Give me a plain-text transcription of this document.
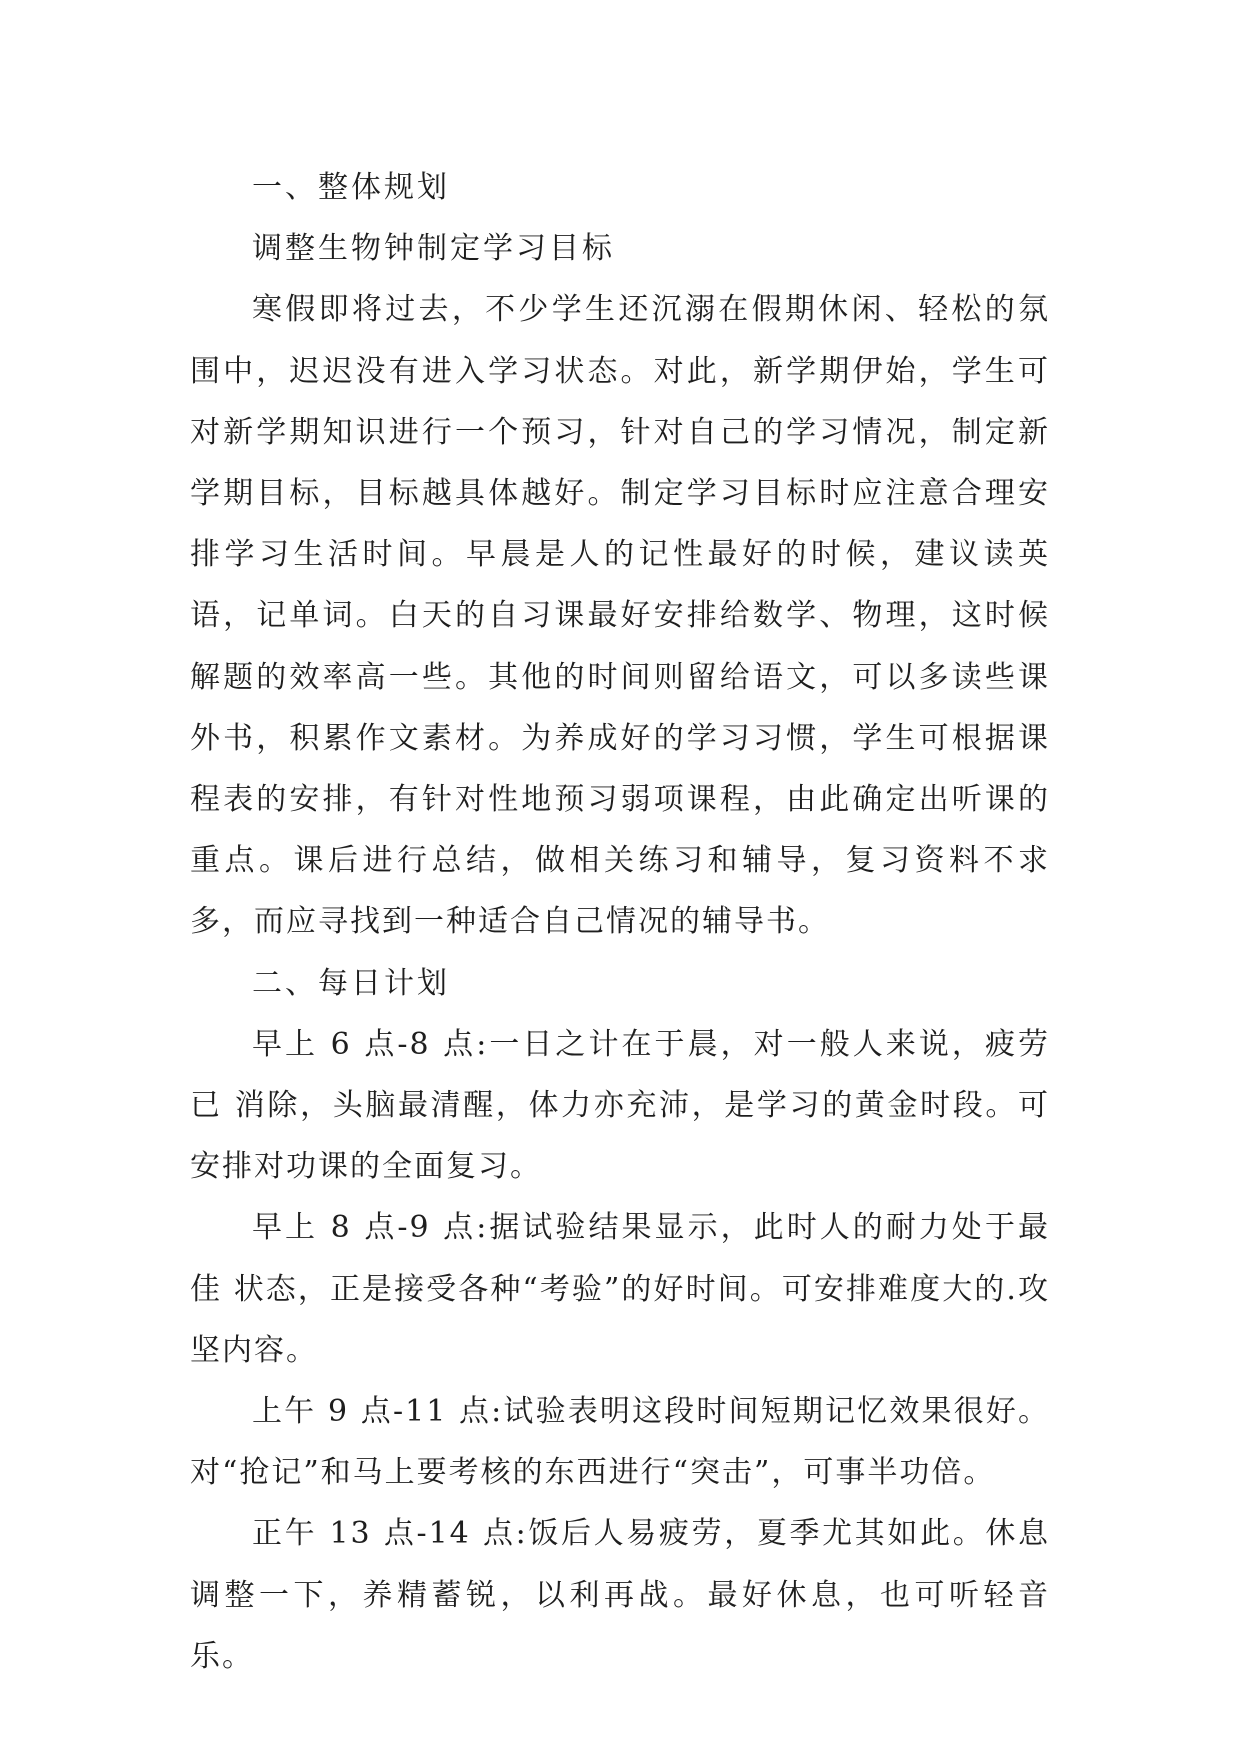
一、整体规划

调整生物钟制定学习目标

寒假即将过去，不少学生还沉溺在假期休闲、轻松的氛围中，迟迟没有进入学习状态。对此，新学期伊始，学生可对新学期知识进行一个预习，针对自己的学习情况，制定新学期目标，目标越具体越好。制定学习目标时应注意合理安排学习生活时间。早晨是人的记性最好的时候，建议读英语，记单词。白天的自习课最好安排给数学、物理，这时候解题的效率高一些。其他的时间则留给语文，可以多读些课外书，积累作文素材。为养成好的学习习惯，学生可根据课程表的安排，有针对性地预习弱项课程，由此确定出听课的重点。课后进行总结，做相关练习和辅导，复习资料不求多，而应寻找到一种适合自己情况的辅导书。

二、每日计划

早上 6 点-8 点:一日之计在于晨，对一般人来说，疲劳已 消除，头脑最清醒，体力亦充沛，是学习的黄金时段。可安排对功课的全面复习。

早上 8 点-9 点:据试验结果显示，此时人的耐力处于最佳 状态，正是接受各种“考验”的好时间。可安排难度大的.攻坚内容。

上午 9 点-11 点:试验表明这段时间短期记忆效果很好。对“抢记”和马上要考核的东西进行“突击”，可事半功倍。

正午 13 点-14 点:饭后人易疲劳，夏季尤其如此。休息调整一下，养精蓄锐，以利再战。最好休息，也可听轻音乐。
